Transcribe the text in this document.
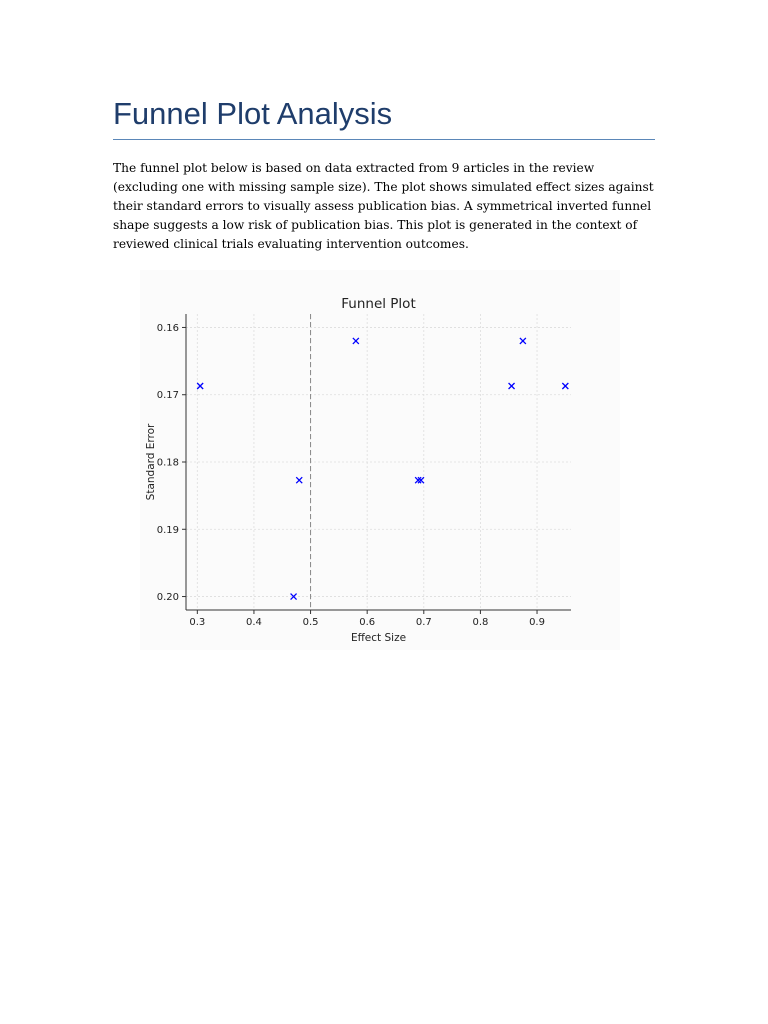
Funnel Plot Analysis

The funnel plot below is based on data extracted from 9 articles in the review (excluding one with missing sample size). The plot shows simulated effect sizes against their standard errors to visually assess publication bias. A symmetrical inverted funnel shape suggests a low risk of publication bias. This plot is generated in the context of reviewed clinical trials evaluating intervention outcomes.

0.3	0.4	0.5	0.6	0.7	0.8	0.9
0.16
0.17
0.18
0.19
0.20
Funnel Plot
Effect Size
Standard Error
